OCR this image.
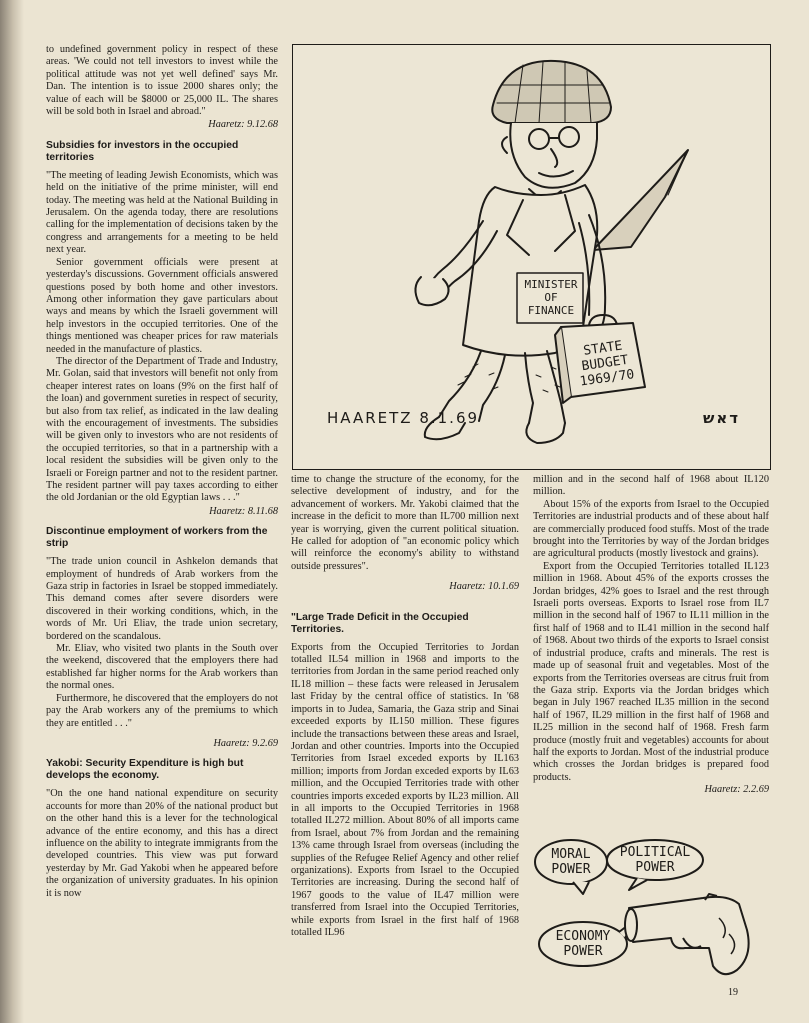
to undefined government policy in respect of these areas. 'We could not tell investors to invest while the political attitude was not yet well defined' says Mr. Dan. The intention is to issue 2000 shares only; the value of each will be $8000 or 25,000 IL. The shares will be sold both in Israel and abroad."

Haaretz: 9.12.68
Subsidies for investors in the occupied territories

"The meeting of leading Jewish Economists, which was held on the initiative of the prime minister, will end today. The meeting was held at the National Building in Jerusalem. On the agenda today, there are resolutions calling for the implementation of decisions taken by the congress and arrangements for a meeting to be held next year.

Senior government officials were present at yesterday's discussions. Government officials answered questions posed by both home and other investors. Among other information they gave particulars about ways and means by which the Israeli government will help investors in the occupied territories. One of the things mentioned was cheaper prices for raw materials needed in the manufacture of plastics.

The director of the Department of Trade and Industry, Mr. Golan, said that investors will benefit not only from cheaper interest rates on loans (9% on the first half of the loan) and government sureties in respect of security, but also from tax relief, as indicated in the law dealing with the encouragement of investments. The subsidies will be given only to investors who are not residents of the occupied territories, so that in a partnership with a local resident the subsidies will be given only to the Israeli or Foreign partner and not to the resident partner. The resident partner will pay taxes according to either the old Jordanian or the old Egyptian laws . . ."

Haaretz: 8.11.68
Discontinue employment of workers from the strip

"The trade union council in Ashkelon demands that employment of hundreds of Arab workers from the Gaza strip in factories in Israel be stopped immediately. This demand comes after severe disorders were discovered in their working conditions, which, in the words of Mr. Uri Eliav, the trade union secretary, bordered on the scandalous.

Mr. Eliav, who visited two plants in the South over the weekend, discovered that the employers there had established far higher norms for the Arab workers than the normal ones.

Furthermore, he discovered that the employers do not pay the Arab workers any of the premiums to which they are entitled . . ."

Haaretz: 9.2.69
Yakobi: Security Expenditure is high but develops the economy.

"On the one hand national expenditure on security accounts for more than 20% of the national product but on the other hand this is a lever for the technological advance of the entire economy, and this has a direct influence on the ability to integrate immigrants from the developed countries. This view was put forward yesterday by Mr. Gad Yakobi when he appeared before the organization of university graduates. In his opinion it is now

MINISTER OF FINANCE
STATE BUDGET 1969/70
HAARETZ 8.1.69	דאש

time to change the structure of the economy, for the selective development of industry, and for the advancement of workers. Mr. Yakobi claimed that the increase in the deficit to more than IL700 million next year is worrying, given the current political situation. He called for adoption of "an economic policy which will reinforce the economy's ability to withstand outside pressures".

Haaretz: 10.1.69
"Large Trade Deficit in the Occupied Territories.

Exports from the Occupied Territories to Jordan totalled IL54 million in 1968 and imports to the territories from Jordan in the same period reached only IL18 million – these facts were released in Jerusalem last Friday by the central office of statistics. In '68 imports in to Judea, Samaria, the Gaza strip and Sinai exceeded exports by IL150 million. These figures include the transactions between these areas and Israel, Jordan and other countries. Imports into the Occupied Territories from Israel exceded exports by IL163 million; imports from Jordan exceded exports by IL63 million, and the Occupied Territories trade with other countries imports exceded exports by IL23 million. All in all imports to the Occupied Territories in 1968 totalled IL272 million. About 80% of all imports came from Israel, about 7% from Jordan and the remaining 13% came through Israel from overseas (including the supplies of the Refugee Relief Agency and other relief organizations). Exports from Israel to the Occupied Territories are increasing. During the second half of 1967 goods to the value of IL47 million were transferred from Israel into the Occupied Territories, while exports from Israel in the first half of 1968 totalled IL96

million and in the second half of 1968 about IL120 million.

About 15% of the exports from Israel to the Occupied Territories are industrial products and of these about half are commercially produced food stuffs. Most of the trade brought into the Territories by way of the Jordan bridges are agricultural products (mostly livestock and grains).

Export from the Occupied Territories totalled IL123 million in 1968. About 45% of the exports crosses the Jordan bridges, 42% goes to Israel and the rest through Israeli ports overseas. Exports to Israel rose from IL7 million in the second half of 1967 to IL11 million in the first half of 1968 and to IL41 million in the second half of 1968. About two thirds of the exports to Israel consist of industrial produce, crafts and minerals. The rest is made up of seasonal fruit and vegetables. Most of the exports from the Territories overseas are citrus fruit from the Gaza strip. Exports via the Jordan bridges which began in July 1967 reached IL35 million in the second half of 1967, IL29 million in the first half of 1968 and IL25 million in the second half of 1968. Fresh farm produce (mostly fruit and vegetables) accounts for about half the exports to Jordan. Most of the industrial produce which crosses the Jordan bridges is prepared food products.

Haaretz: 2.2.69
MORAL POWER
POLITICAL POWER
ECONOMY POWER
19
